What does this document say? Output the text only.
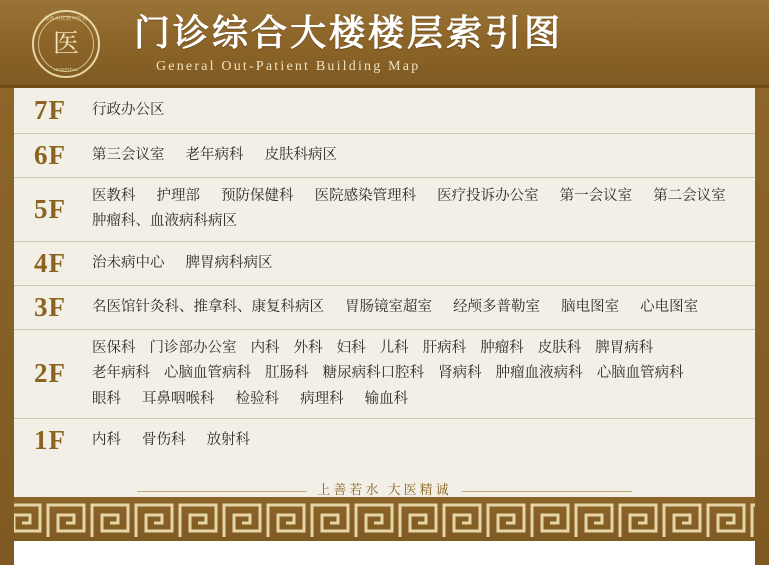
湘西州民族中医院
医
HOSPITAL
门诊综合大楼楼层索引图
General Out-Patient Building Map
7F	行政办公区
6F	第三会议室 老年病科 皮肤科病区
5F	医教科 护理部 预防保健科 医院感染管理科 医疗投诉办公室 第一会议室 第二会议室
肿瘤科、血液病科病区
4F	治未病中心 脾胃病科病区
3F	名医馆针灸科、推拿科、康复科病区 胃肠镜室超室 经颅多普勒室 脑电图室 心电图室
2F
医保科 门诊部办公室 内科 外科 妇科 儿科 肝病科 肿瘤科 皮肤科 脾胃病科
老年病科 心脑血管病科 肛肠科 糖尿病科口腔科 肾病科 肿瘤血液病科 心脑血管病科
眼科 耳鼻咽喉科 检验科 病理科 输血科
1F	内科 骨伤科 放射科
上善若水 大医精诚
